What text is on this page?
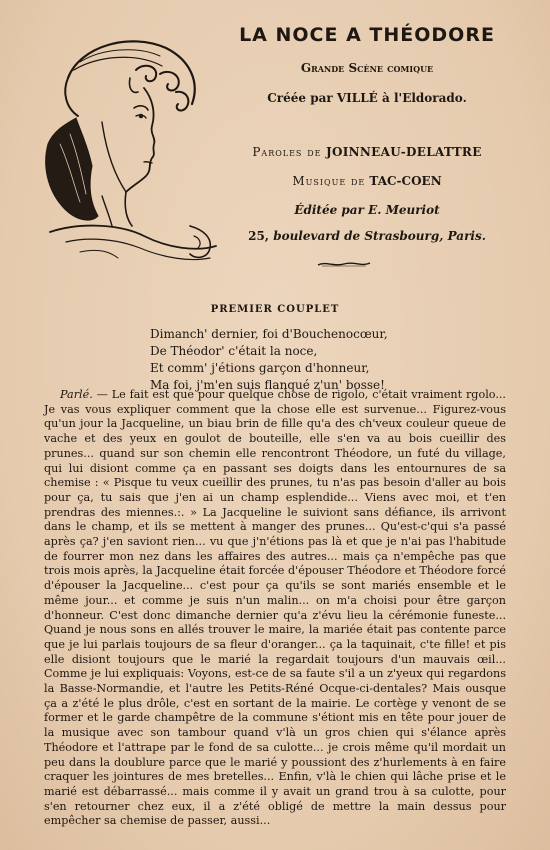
LA NOCE A THÉODORE
Grande Scène comique
Créée par VILLÉ à l'Eldorado.
Paroles de JOINNEAU-DELATTRE
Musique de TAC-COEN
Éditée par E. Meuriot
25, boulevard de Strasbourg, Paris.
PREMIER COUPLET
Dimanch' dernier, foi d'Bouchenocœur,
De Théodor' c'était la noce,
Et comm' j'étions garçon d'honneur,
Ma foi, j'm'en suis flanqué z'un' bosse!
Parlé. — Le fait est que pour quelque chose de rigolo, c'était vraiment rgolo... Je vas vous expliquer comment que la chose elle est survenue... Figurez-vous qu'un jour la Jacqueline, un biau brin de fille qu'a des ch'veux couleur queue de vache et des yeux en goulot de bouteille, elle s'en va au bois cueillir des prunes... quand sur son chemin elle rencontront Théodore, un futé du village, qui lui disiont comme ça en passant ses doigts dans les entournures de sa chemise : « Pisque tu veux cueillir des prunes, tu n'as pas besoin d'aller au bois pour ça, tu sais que j'en ai un champ esplendide... Viens avec moi, et t'en prendras des miennes.:. » La Jacqueline le suiviont sans défiance, ils arrivont dans le champ, et ils se mettent à manger des prunes... Qu'est-c'qui s'a passé après ça? j'en saviont rien... vu que j'n'étions pas là et que je n'ai pas l'habitude de fourrer mon nez dans les affaires des autres... mais ça n'empêche pas que trois mois après, la Jacqueline était forcée d'épouser Théodore et Théodore forcé d'épouser la Jacqueline... c'est pour ça qu'ils se sont mariés ensemble et le même jour... et comme je suis n'un malin... on m'a choisi pour être garçon d'honneur. C'est donc dimanche dernier qu'a z'évu lieu la cérémonie funeste... Quand je nous sons en allés trouver le maire, la mariée était pas contente parce que je lui parlais toujours de sa fleur d'oranger... ça la taquinait, c'te fille! et pis elle disiont toujours que le marié la regardait toujours d'un mauvais œil... Comme je lui expliquais: Voyons, est-ce de sa faute s'il a un z'yeux qui regardons la Basse-Normandie, et l'autre les Petits-Réné Ocque-ci-dentales? Mais ousque ça a z'été le plus drôle, c'est en sortant de la mairie. Le cortège y venont de se former et le garde champêtre de la commune s'étiont mis en tête pour jouer de la musique avec son tambour quand v'là un gros chien qui s'élance après Théodore et l'attrape par le fond de sa culotte... je crois même qu'il mordait un peu dans la doublure parce que le marié y poussiont des z'hurlements à en faire craquer les jointures de mes bretelles... Enfin, v'là le chien qui lâche prise et le marié est débarrassé... mais comme il y avait un grand trou à sa culotte, pour s'en retourner chez eux, il a z'été obligé de mettre la main dessus pour empêcher sa chemise de passer, aussi...
